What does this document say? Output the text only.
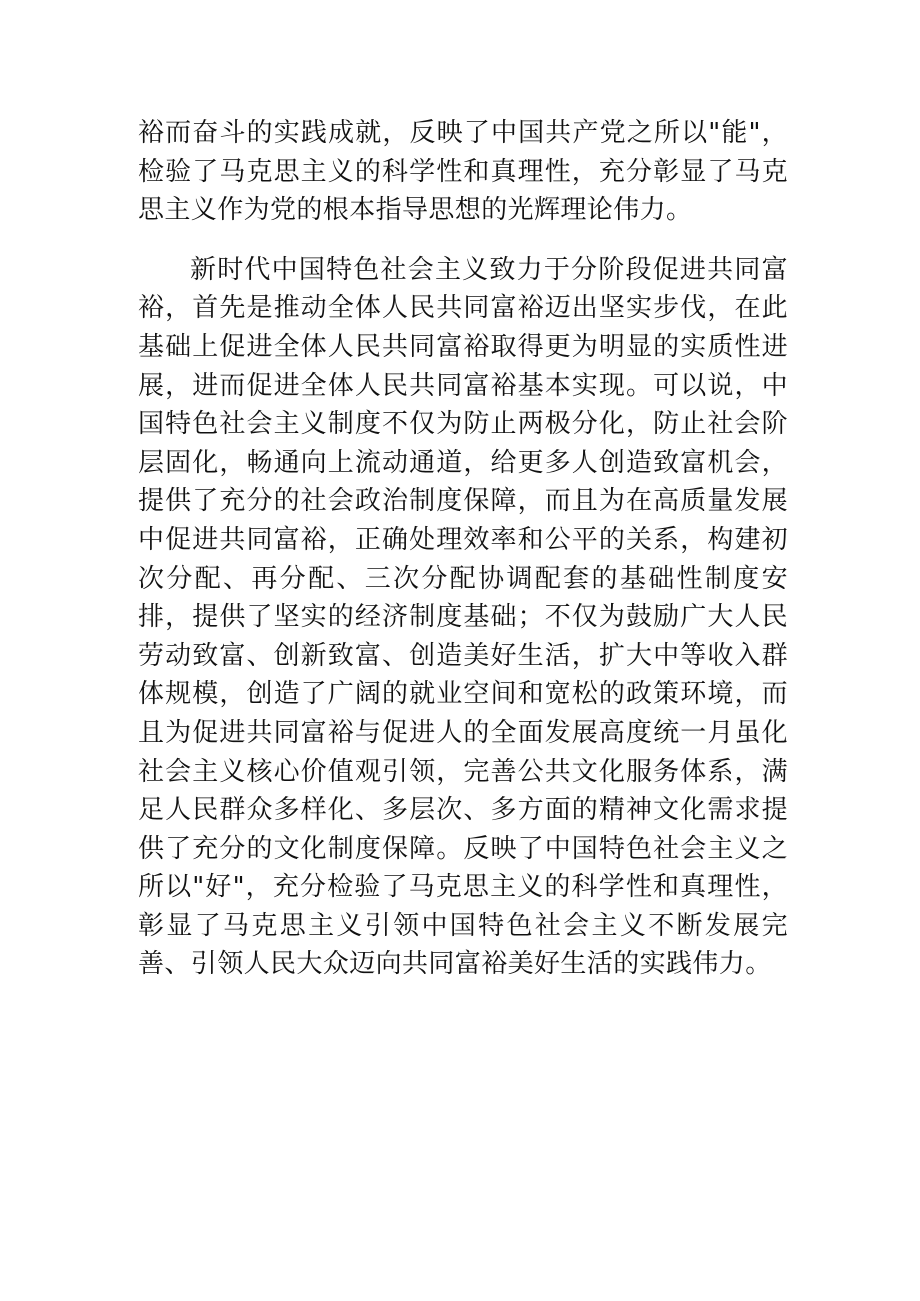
裕而奋斗的实践成就，反映了中国共产党之所以"能"，检验了马克思主义的科学性和真理性，充分彰显了马克思主义作为党的根本指导思想的光辉理论伟力。

新时代中国特色社会主义致力于分阶段促进共同富裕，首先是推动全体人民共同富裕迈出坚实步伐，在此基础上促进全体人民共同富裕取得更为明显的实质性进展，进而促进全体人民共同富裕基本实现。可以说，中国特色社会主义制度不仅为防止两极分化，防止社会阶层固化，畅通向上流动通道，给更多人创造致富机会，提供了充分的社会政治制度保障，而且为在高质量发展中促进共同富裕，正确处理效率和公平的关系，构建初次分配、再分配、三次分配协调配套的基础性制度安排，提供了坚实的经济制度基础；不仅为鼓励广大人民劳动致富、创新致富、创造美好生活，扩大中等收入群体规模，创造了广阔的就业空间和宽松的政策环境，而且为促进共同富裕与促进人的全面发展高度统一月虽化社会主义核心价值观引领，完善公共文化服务体系，满足人民群众多样化、多层次、多方面的精神文化需求提供了充分的文化制度保障。反映了中国特色社会主义之所以"好"，充分检验了马克思主义的科学性和真理性，彰显了马克思主义引领中国特色社会主义不断发展完善、引领人民大众迈向共同富裕美好生活的实践伟力。
